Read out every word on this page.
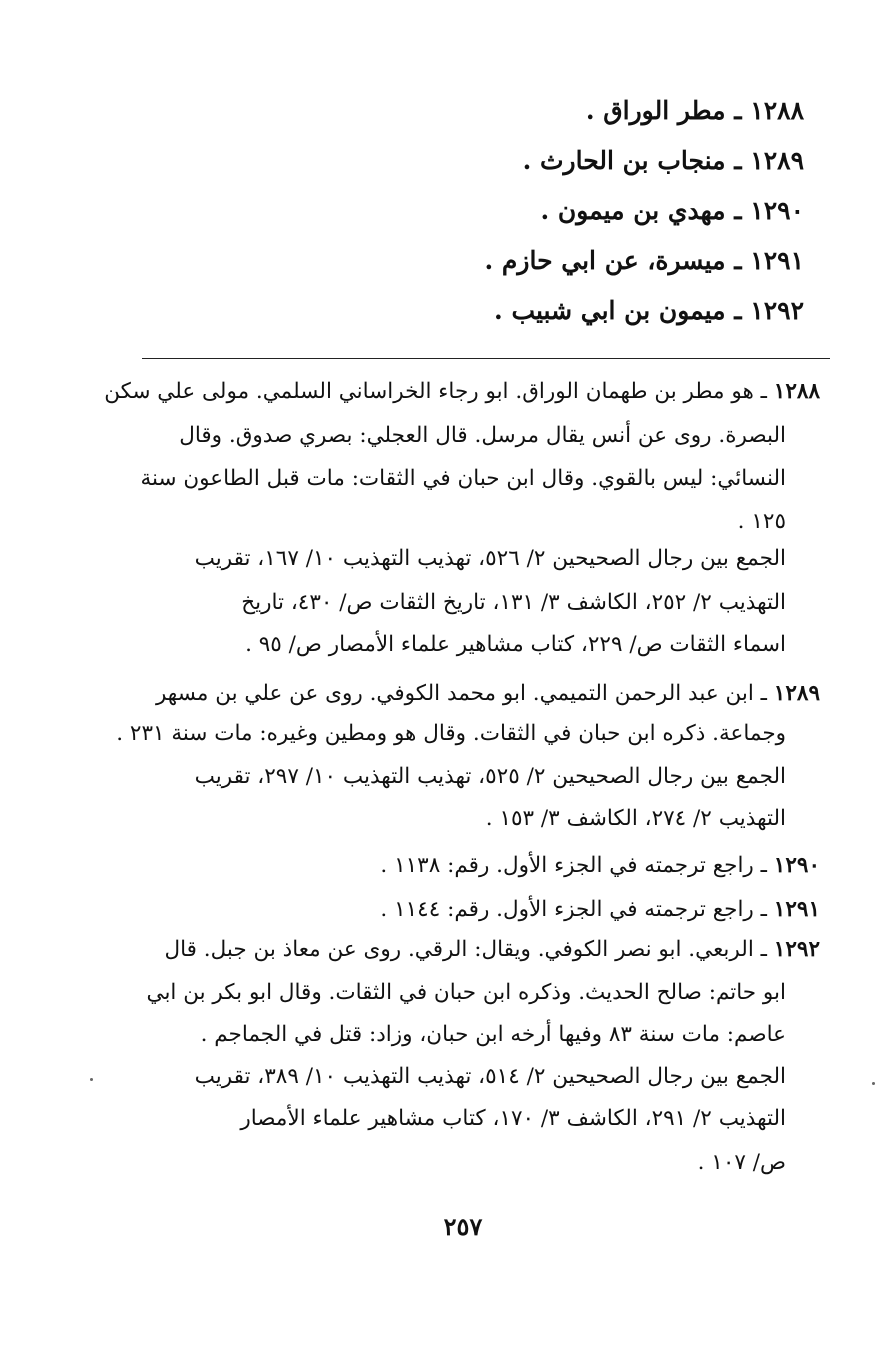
١٢٨٨ ـ مطر الوراق .
١٢٨٩ ـ منجاب بن الحارث .
١٢٩٠ ـ مهدي بن ميمون .
١٢٩١ ـ ميسرة، عن ابي حازم .
١٢٩٢ ـ ميمون بن ابي شبيب .
١٢٨٨ ـ هو مطر بن طهمان الوراق. ابو رجاء الخراساني السلمي. مولى علي سكن
البصرة. روى عن أنس يقال مرسل. قال العجلي: بصري صدوق. وقال
النسائي: ليس بالقوي. وقال ابن حبان في الثقات: مات قبل الطاعون سنة
١٢٥ .
الجمع بين رجال الصحيحين ٢/ ٥٢٦، تهذيب التهذيب ١٠/ ١٦٧، تقريب
التهذيب ٢/ ٢٥٢، الكاشف ٣/ ١٣١، تاريخ الثقات ص/ ٤٣٠، تاريخ
اسماء الثقات ص/ ٢٢٩، كتاب مشاهير علماء الأمصار ص/ ٩٥ .
١٢٨٩ ـ ابن عبد الرحمن التميمي. ابو محمد الكوفي. روى عن علي بن مسهر
وجماعة. ذكره ابن حبان في الثقات. وقال هو ومطين وغيره: مات سنة ٢٣١ .
الجمع بين رجال الصحيحين ٢/ ٥٢٥، تهذيب التهذيب ١٠/ ٢٩٧، تقريب
التهذيب ٢/ ٢٧٤، الكاشف ٣/ ١٥٣ .
١٢٩٠ ـ راجع ترجمته في الجزء الأول. رقم: ١١٣٨ .
١٢٩١ ـ راجع ترجمته في الجزء الأول. رقم: ١١٤٤ .
١٢٩٢ ـ الربعي. ابو نصر الكوفي. ويقال: الرقي. روى عن معاذ بن جبل. قال
ابو حاتم: صالح الحديث. وذكره ابن حبان في الثقات. وقال ابو بكر بن ابي
عاصم: مات سنة ٨٣ وفيها أرخه ابن حبان، وزاد: قتل في الجماجم .
الجمع بين رجال الصحيحين ٢/ ٥١٤، تهذيب التهذيب ١٠/ ٣٨٩، تقريب
التهذيب ٢/ ٢٩١، الكاشف ٣/ ١٧٠، كتاب مشاهير علماء الأمصار
ص/ ١٠٧ .
٢٥٧
